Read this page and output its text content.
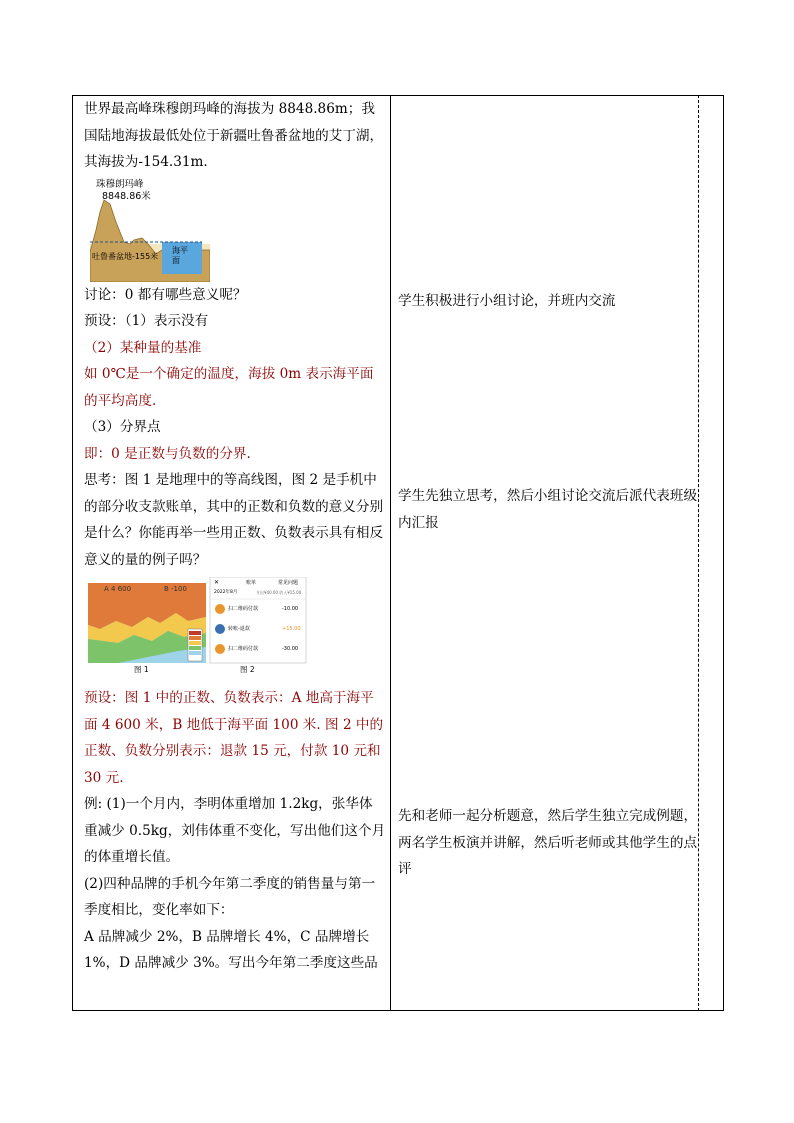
世界最高峰珠穆朗玛峰的海拔为 8848.86m；我国陆地海拔最低处位于新疆吐鲁番盆地的艾丁湖，其海拔为-154.31m.

珠穆朗玛峰
8848.86米
吐鲁番盆地-155米
海平面

讨论：0 都有哪些意义呢？

预设：（1）表示没有

（2）某种量的基准

如 0℃是一个确定的温度，海拔 0m 表示海平面的平均高度.

（3）分界点

即：0 是正数与负数的分界.

思考：图 1 是地理中的等高线图，图 2 是手机中的部分收支款账单，其中的正数和负数的意义分别是什么？你能再举一些用正数、负数表示具有相反意义的量的例子吗？

A 4 600	B -100
图 1	图 2
✕	账单	常见问题
2022年8月	支出¥40.00 收入¥15.00
扫二维码付款	-10.00
转账-退款	+15.00
扫二维码付款	-30.00

预设：图 1 中的正数、负数表示：A 地高于海平面 4 600 米，B 地低于海平面 100 米. 图 2 中的正数、负数分别表示：退款 15 元，付款 10 元和 30 元.

例: (1)一个月内，李明体重增加 1.2kg，张华体重减少 0.5kg，刘伟体重不变化，写出他们这个月的体重增长值。

(2)四种品牌的手机今年第二季度的销售量与第一季度相比，变化率如下：

A 品牌减少 2%，B 品牌增长 4%，C 品牌增长 1%，D 品牌减少 3%。写出今年第二季度这些品

学生积极进行小组讨论，并班内交流
学生先独立思考，然后小组讨论交流后派代表班级内汇报
先和老师一起分析题意，然后学生独立完成例题，两名学生板演并讲解，然后听老师或其他学生的点评
